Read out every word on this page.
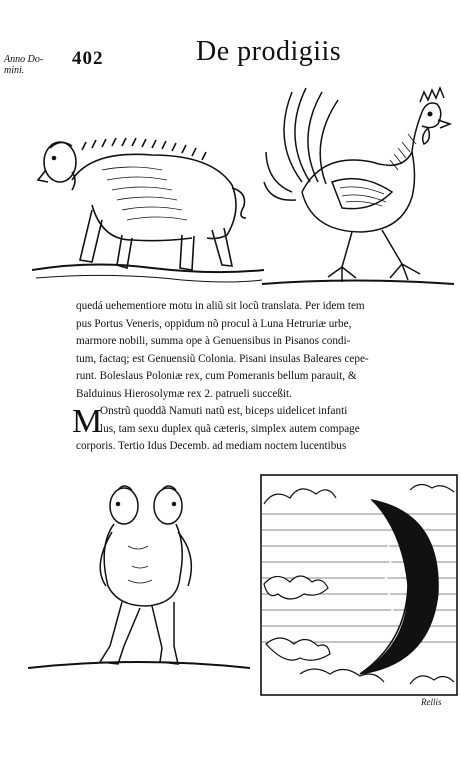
Anno Do-
mini.
402	De prodigiis
quedá uehementiore motu in aliũ sit locũ translata. Per idem tem
pus Portus Veneris, oppidum nõ procul à Luna Hetruriæ urbe,
marmore nobili, summa ope à Genuensibus in Pisanos condi-
tum, factaq; est Genuensiũ Colonia. Pisani insulas Baleares cepe-
runt. Boleslaus Poloniæ rex, cum Pomeranis bellum parauit, &
Balduinus Hierosolymæ rex 2. patrueli succeßit.
M
Onstrũ quoddã Namuti natũ est, biceps uidelicet infanti
lus, tam sexu duplex quã cæteris, simplex autem compage
corporis. Tertio Idus Decemb. ad mediam noctem lucentibus
Rellis
